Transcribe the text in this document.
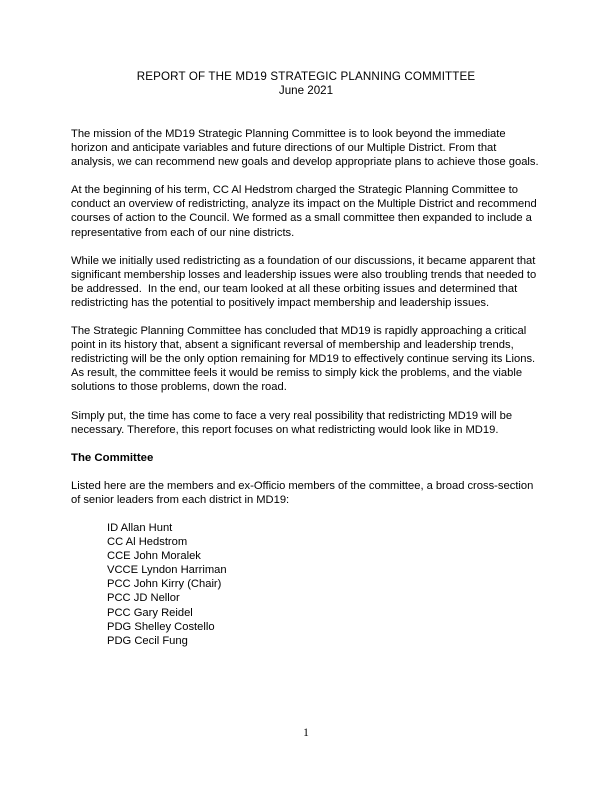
REPORT OF THE MD19 STRATEGIC PLANNING COMMITTEE
June 2021

The mission of the MD19 Strategic Planning Committee is to look beyond the immediate horizon and anticipate variables and future directions of our Multiple District. From that analysis, we can recommend new goals and develop appropriate plans to achieve those goals.

At the beginning of his term, CC Al Hedstrom charged the Strategic Planning Committee to conduct an overview of redistricting, analyze its impact on the Multiple District and recommend courses of action to the Council. We formed as a small committee then expanded to include a representative from each of our nine districts.

While we initially used redistricting as a foundation of our discussions, it became apparent that significant membership losses and leadership issues were also troubling trends that needed to be addressed.  In the end, our team looked at all these orbiting issues and determined that redistricting has the potential to positively impact membership and leadership issues.

The Strategic Planning Committee has concluded that MD19 is rapidly approaching a critical point in its history that, absent a significant reversal of membership and leadership trends, redistricting will be the only option remaining for MD19 to effectively continue serving its Lions. As result, the committee feels it would be remiss to simply kick the problems, and the viable solutions to those problems, down the road.

Simply put, the time has come to face a very real possibility that redistricting MD19 will be necessary. Therefore, this report focuses on what redistricting would look like in MD19.

The Committee

Listed here are the members and ex-Officio members of the committee, a broad cross-section of senior leaders from each district in MD19:

ID Allan Hunt
CC Al Hedstrom
CCE John Moralek
VCCE Lyndon Harriman
PCC John Kirry (Chair)
PCC JD Nellor
PCC Gary Reidel
PDG Shelley Costello
PDG Cecil Fung
1
